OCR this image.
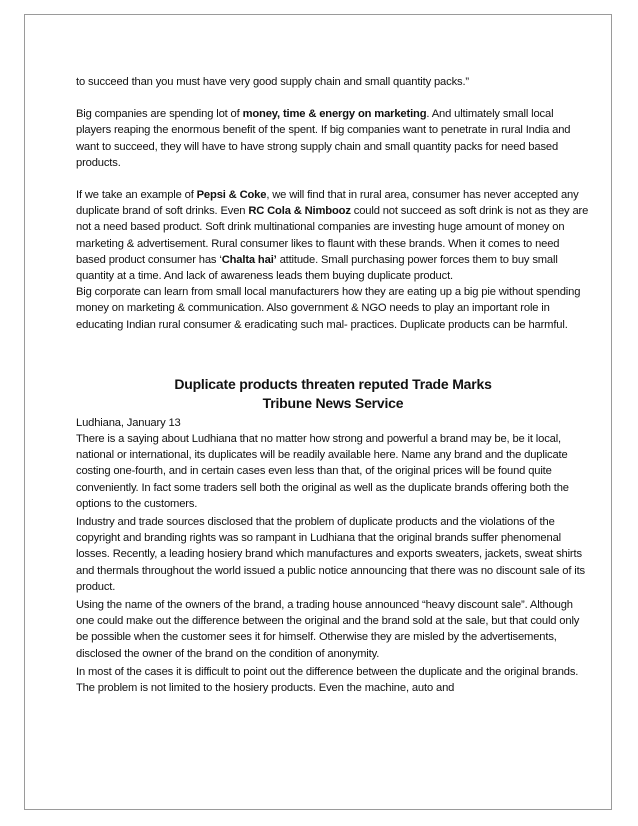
to succeed than you must have very good supply chain and small quantity packs.”

Big companies are spending lot of money, time & energy on marketing. And ultimately small local players reaping the enormous benefit of the spent. If big companies want to penetrate in rural India and want to succeed, they will have to have strong supply chain and small quantity packs for need based products.

If we take an example of Pepsi & Coke, we will find that in rural area, consumer has never accepted any duplicate brand of soft drinks. Even RC Cola & Nimbooz could not succeed as soft drink is not as they are not a need based product. Soft drink multinational companies are investing huge amount of money on marketing & advertisement. Rural consumer likes to flaunt with these brands. When it comes to need based product consumer has ‘Chalta hai’ attitude. Small purchasing power forces them to buy small quantity at a time. And lack of awareness leads them buying duplicate product.

Big corporate can learn from small local manufacturers how they are eating up a big pie without spending money on marketing & communication. Also government & NGO needs to play an important role in educating Indian rural consumer & eradicating such mal- practices. Duplicate products can be harmful.

Duplicate products threaten reputed Trade Marks
Tribune News Service

Ludhiana, January 13

There is a saying about Ludhiana that no matter how strong and powerful a brand may be, be it local, national or international, its duplicates will be readily available here. Name any brand and the duplicate costing one-fourth, and in certain cases even less than that, of the original prices will be found quite conveniently. In fact some traders sell both the original as well as the duplicate brands offering both the options to the customers.

Industry and trade sources disclosed that the problem of duplicate products and the violations of the copyright and branding rights was so rampant in Ludhiana that the original brands suffer phenomenal losses. Recently, a leading hosiery brand which manufactures and exports sweaters, jackets, sweat shirts and thermals throughout the world issued a public notice announcing that there was no discount sale of its product.

Using the name of the owners of the brand, a trading house announced “heavy discount sale”. Although one could make out the difference between the original and the brand sold at the sale, but that could only be possible when the customer sees it for himself. Otherwise they are misled by the advertisements, disclosed the owner of the brand on the condition of anonymity.

In most of the cases it is difficult to point out the difference between the duplicate and the original brands. The problem is not limited to the hosiery products. Even the machine, auto and
